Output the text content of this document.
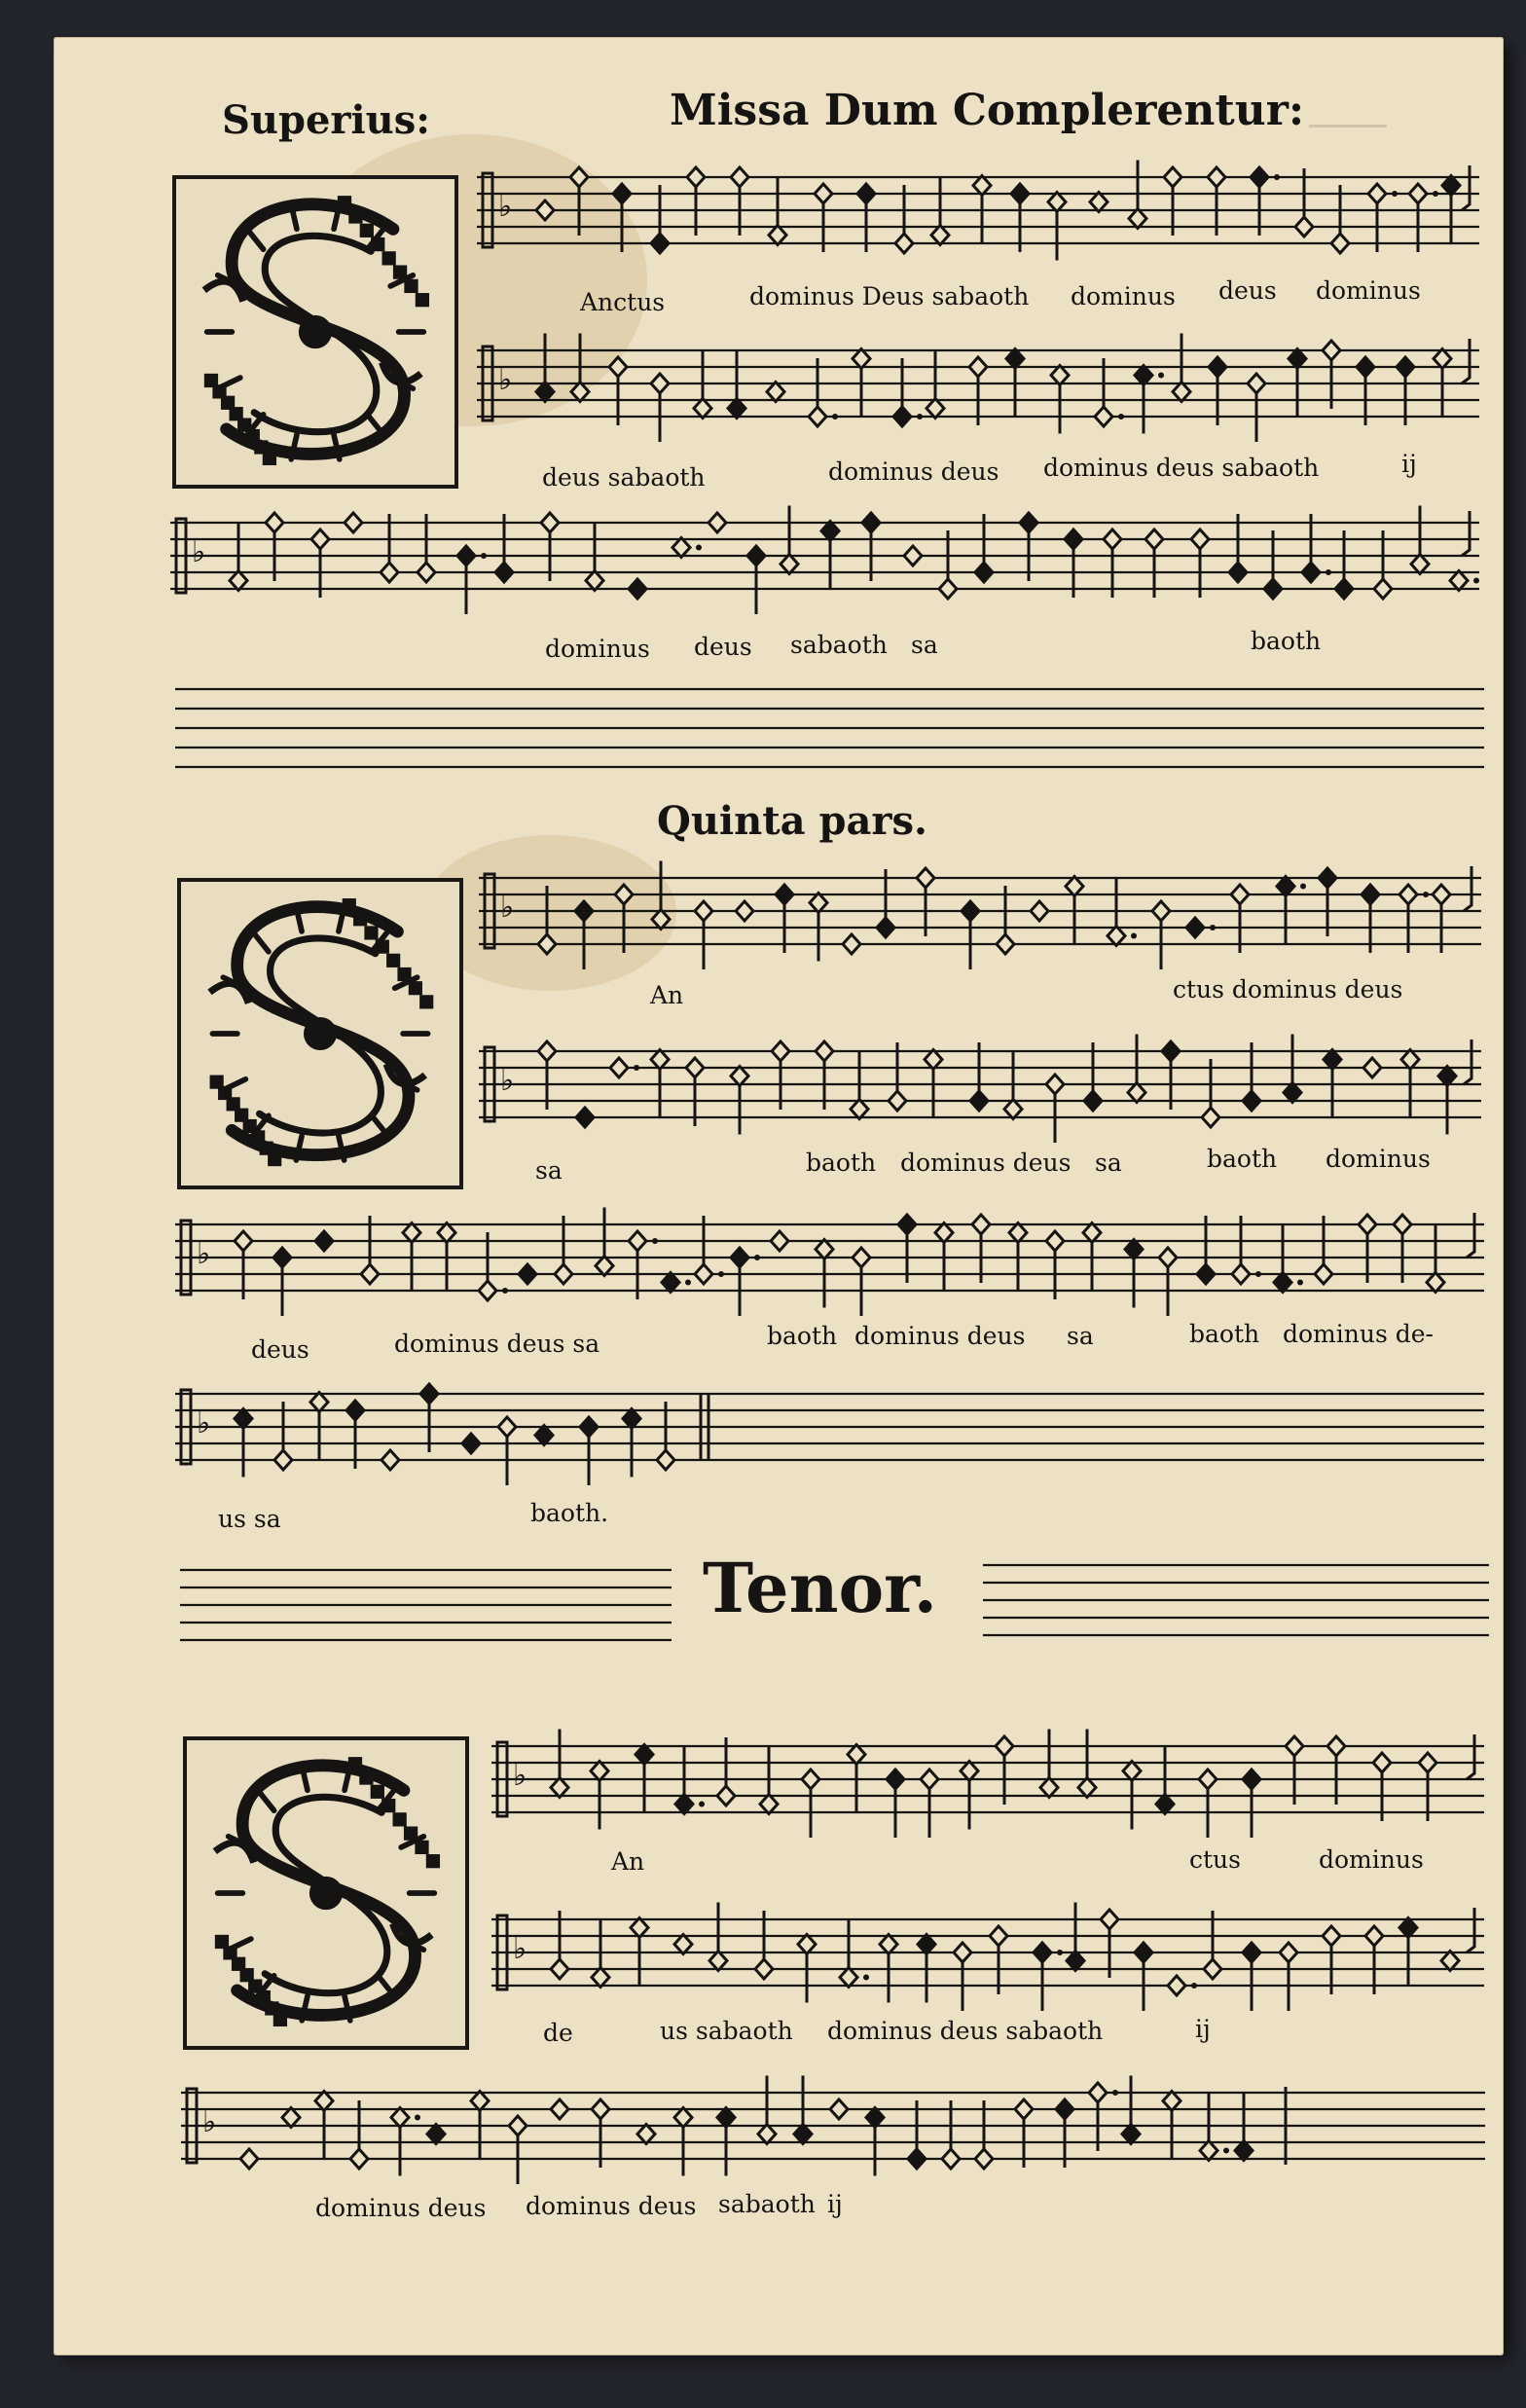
Superius:	Missa Dum Complerentur:
Quinta pars.
Tenor.
♭
♭
♭
♭
♭
♭
♭
♭
♭
♭
Anctus	dominus Deus sabaoth dominus deus dominus
deus sabaoth	dominus deus dominus deus sabaoth	ij
dominus deus sabaoth sa	baoth
An	ctus dominus deus
sa	baoth dominus deus sa	baoth dominus
deus	dominus deus sa	baoth dominus deus sa	baoth dominus de-
us sa	baoth.
An	ctus	dominus
de	us sabaoth dominus deus sabaoth	ij
dominus deus dominus deus sabaoth ij
